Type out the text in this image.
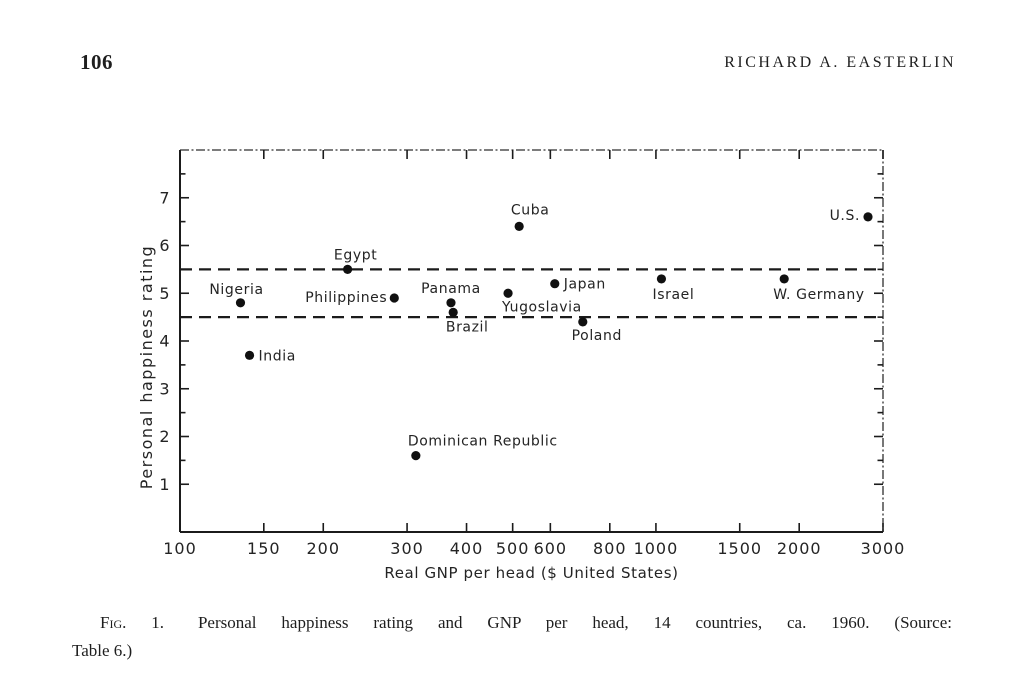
106	RICHARD A. EASTERLIN
100	150 200	300 400 500 600 800 1000 1500 2000 3000
1
2
3
4
5
6
7
Nigeria
India
Egypt
Philippines
Dominican Republic
Panama
Brazil
Yugoslavia
Cuba
Japan
Poland
Israel	W. Germany
U.S.
Real GNP per head ($ United States)
Personal happiness rating

Fig. 1. Personal happiness rating and GNP per head, 14 countries, ca. 1960. (Source:

Table 6.)
